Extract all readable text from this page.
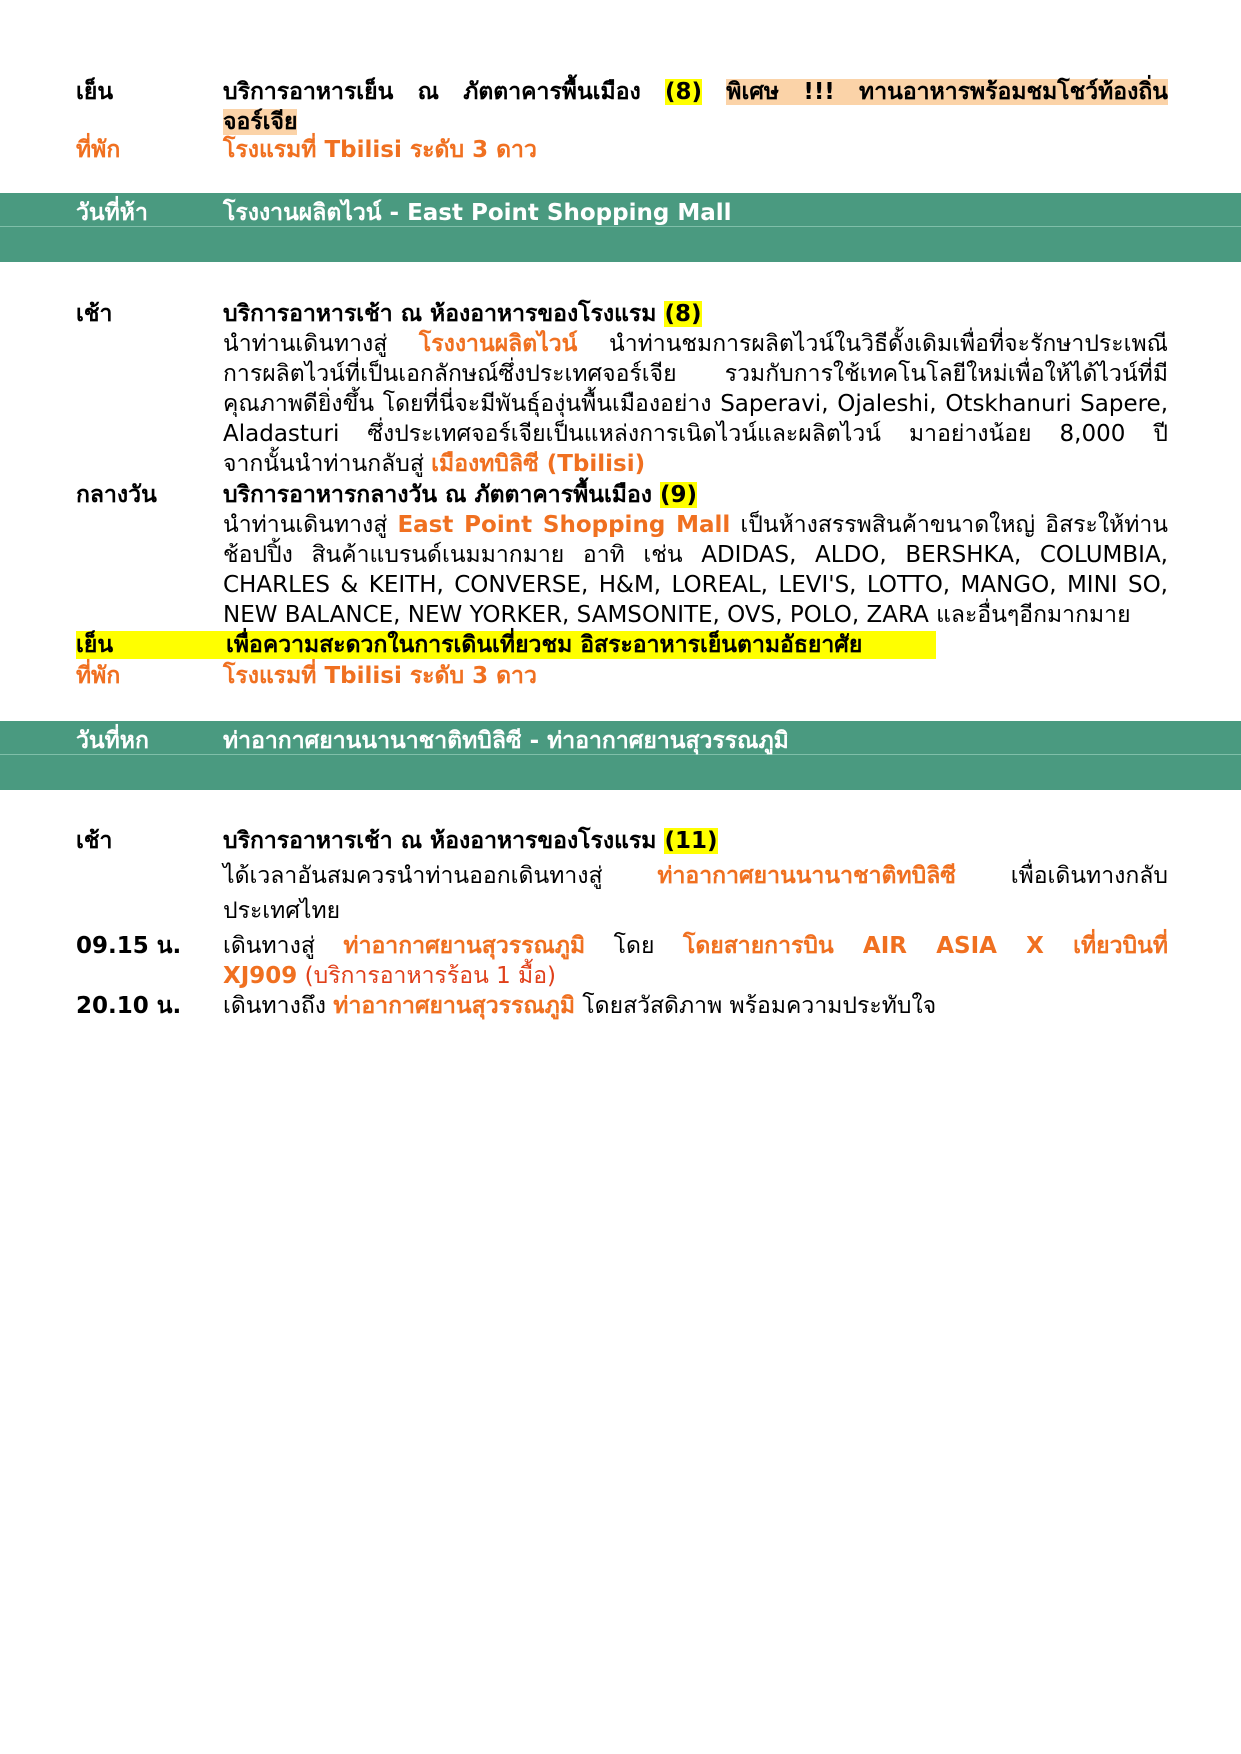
เย็น	บริการอาหารเย็น ณ ภัตตาคารพื้นเมือง (8) พิเศษ !!! ทานอาหารพร้อมชมโชว์ท้องถิ่น
จอร์เจีย
ที่พัก	โรงแรมที่ Tbilisi ระดับ 3 ดาว
วันที่ห้า	โรงงานผลิตไวน์ - East Point Shopping Mall
เช้า	บริการอาหารเช้า ณ ห้องอาหารของโรงแรม (8)
นำท่านเดินทางสู่ โรงงานผลิตไวน์ นำท่านชมการผลิตไวน์ในวิธีดั้งเดิมเพื่อที่จะรักษาประเพณี
การผลิตไวน์ที่เป็นเอกลักษณ์ซึ่งประเทศจอร์เจีย รวมกับการใช้เทคโนโลยีใหม่เพื่อให้ได้ไวน์ที่มี
คุณภาพดียิ่งขึ้น โดยที่นี่จะมีพันธุ์องุ่นพื้นเมืองอย่าง Saperavi, Ojaleshi, Otskhanuri Sapere,
Aladasturi ซึ่งประเทศจอร์เจียเป็นแหล่งการเนิดไวน์และผลิตไวน์ มาอย่างน้อย 8,000 ปี
จากนั้นนำท่านกลับสู่ เมืองทบิลิซี (Tbilisi)
กลางวัน	บริการอาหารกลางวัน ณ ภัตตาคารพื้นเมือง (9)
นำท่านเดินทางสู่ East Point Shopping Mall เป็นห้างสรรพสินค้าขนาดใหญ่ อิสระให้ท่าน
ช้อปปิ้ง สินค้าแบรนด์เนมมากมาย อาทิ เช่น ADIDAS, ALDO, BERSHKA, COLUMBIA,
CHARLES & KEITH, CONVERSE, H&M, LOREAL, LEVI'S, LOTTO, MANGO, MINI SO,
NEW BALANCE, NEW YORKER, SAMSONITE, OVS, POLO, ZARA และอื่นๆอีกมากมาย
เย็น	เพื่อความสะดวกในการเดินเที่ยวชม อิสระอาหารเย็นตามอัธยาศัย
ที่พัก	โรงแรมที่ Tbilisi ระดับ 3 ดาว
วันที่หก	ท่าอากาศยานนานาชาติทบิลิซี - ท่าอากาศยานสุวรรณภูมิ
เช้า	บริการอาหารเช้า ณ ห้องอาหารของโรงแรม (11)
ได้เวลาอันสมควรนำท่านออกเดินทางสู่ ท่าอากาศยานนานาชาติทบิลิซี เพื่อเดินทางกลับ
ประเทศไทย
09.15 น. เดินทางสู่ ท่าอากาศยานสุวรรณภูมิ โดย โดยสายการบิน AIR ASIA X เที่ยวบินที่
XJ909 (บริการอาหารร้อน 1 มื้อ)
20.10 น. เดินทางถึง ท่าอากาศยานสุวรรณภูมิ โดยสวัสดิภาพ พร้อมความประทับใจ
